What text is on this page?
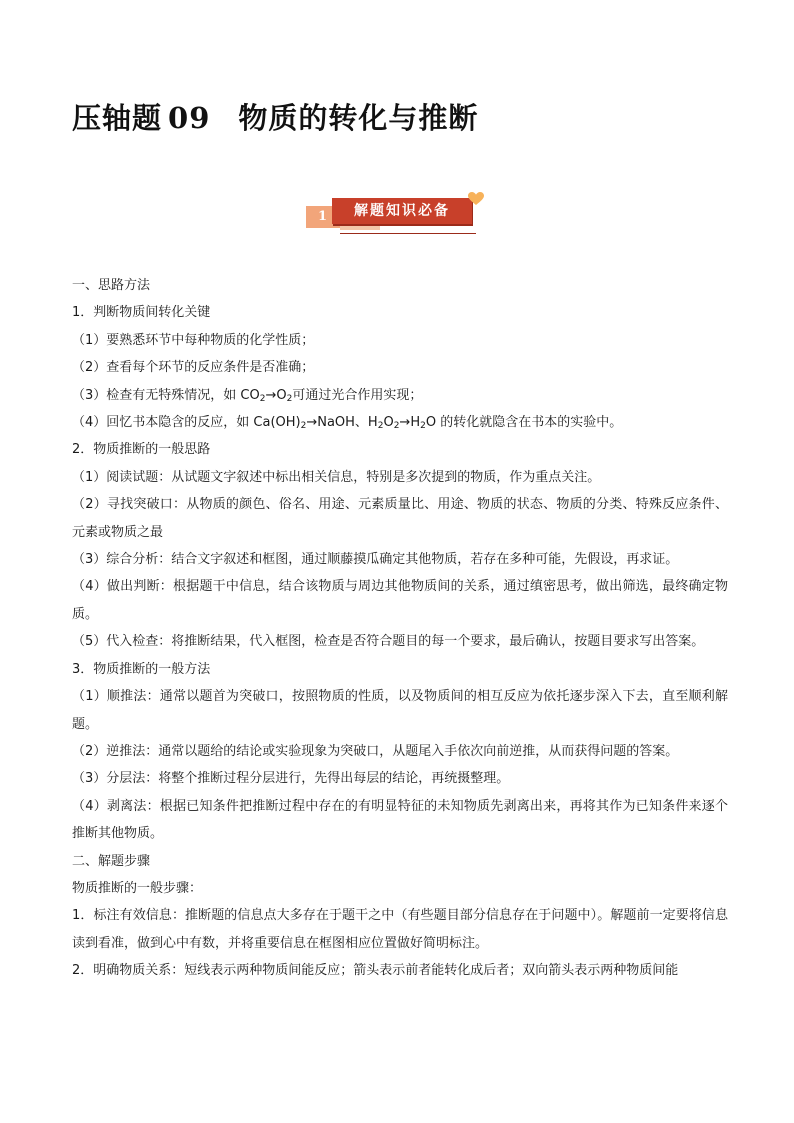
压轴题 09 物质的转化与推断
1	解题知识必备

一、思路方法

1．判断物质间转化关键

（1）要熟悉环节中每种物质的化学性质；

（2）查看每个环节的反应条件是否准确；

（3）检查有无特殊情况，如 $CO_2\to O_2$可通过光合作用实现；

（4）回忆书本隐含的反应，如 $Ca(OH)_2\to NaOH$、$H_2O_2\to H_2O$ 的转化就隐含在书本的实验中。

2．物质推断的一般思路

（1）阅读试题：从试题文字叙述中标出相关信息，特别是多次提到的物质，作为重点关注。

（2）寻找突破口：从物质的颜色、俗名、用途、元素质量比、用途、物质的状态、物质的分类、特殊反应条件、元素或物质之最

（3）综合分析：结合文字叙述和框图，通过顺藤摸瓜确定其他物质，若存在多种可能，先假设，再求证。

（4）做出判断：根据题干中信息，结合该物质与周边其他物质间的关系，通过缜密思考，做出筛选，最终确定物质。

（5）代入检查：将推断结果，代入框图，检查是否符合题目的每一个要求，最后确认，按题目要求写出答案。

3．物质推断的一般方法

（1）顺推法：通常以题首为突破口，按照物质的性质，以及物质间的相互反应为依托逐步深入下去，直至顺利解题。

（2）逆推法：通常以题给的结论或实验现象为突破口，从题尾入手依次向前逆推，从而获得问题的答案。

（3）分层法：将整个推断过程分层进行，先得出每层的结论，再统摄整理。

（4）剥离法：根据已知条件把推断过程中存在的有明显特征的未知物质先剥离出来，再将其作为已知条件来逐个推断其他物质。

二、解题步骤

物质推断的一般步骤：

1．标注有效信息：推断题的信息点大多存在于题干之中（有些题目部分信息存在于问题中）。解题前一定要将信息读到看准，做到心中有数，并将重要信息在框图相应位置做好简明标注。

2．明确物质关系：短线表示两种物质间能反应；箭头表示前者能转化成后者；双向箭头表示两种物质间能
